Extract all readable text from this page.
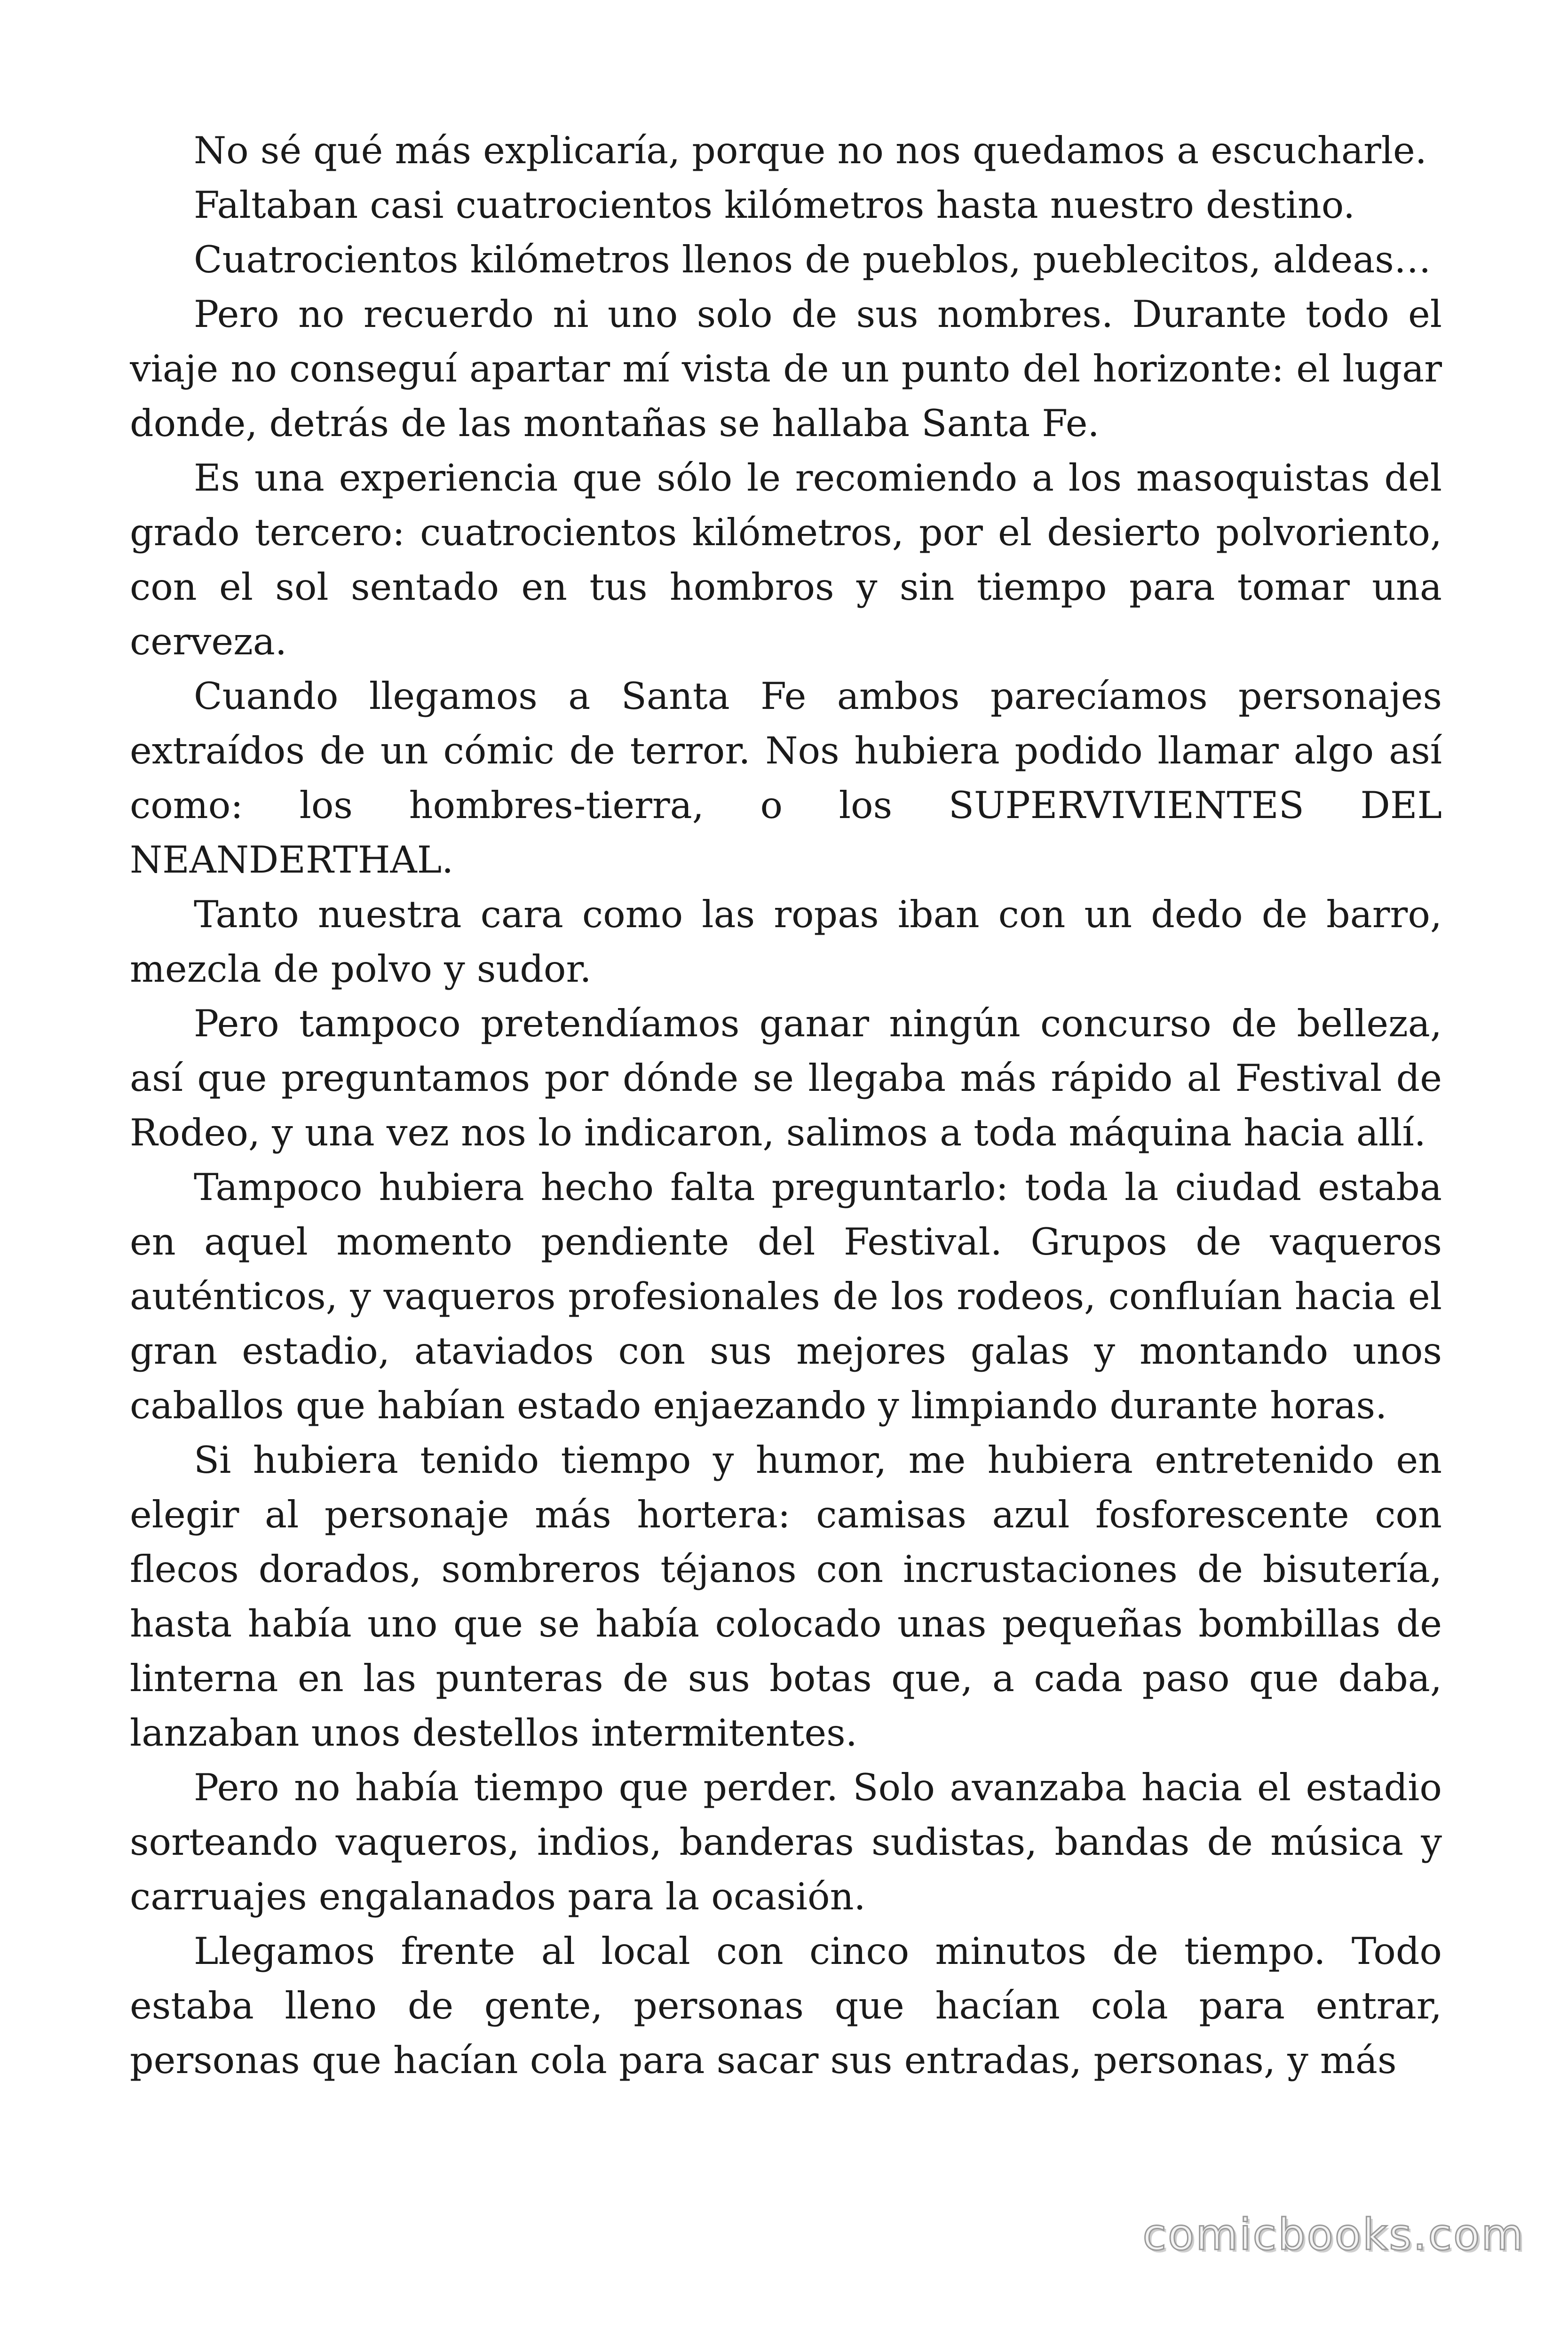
No sé qué más explicaría, porque no nos quedamos a escucharle.

Faltaban casi cuatrocientos kilómetros hasta nuestro destino.

Cuatrocientos kilómetros llenos de pueblos, pueblecitos, aldeas…

Pero no recuerdo ni uno solo de sus nombres. Durante todo el viaje no conseguí apartar mí vista de un punto del horizonte: el lugar donde, detrás de las montañas se hallaba Santa Fe.

Es una experiencia que sólo le recomiendo a los masoquistas del grado tercero: cuatrocientos kilómetros, por el desierto polvoriento, con el sol sentado en tus hombros y sin tiempo para tomar una cerveza.

Cuando llegamos a Santa Fe ambos parecíamos personajes extraídos de un cómic de terror. Nos hubiera podido llamar algo así como: los hombres-tierra, o los SUPERVIVIENTES DEL NEANDERTHAL.

Tanto nuestra cara como las ropas iban con un dedo de barro, mezcla de polvo y sudor.

Pero tampoco pretendíamos ganar ningún concurso de belleza, así que preguntamos por dónde se llegaba más rápido al Festival de Rodeo, y una vez nos lo indicaron, salimos a toda máquina hacia allí.

Tampoco hubiera hecho falta preguntarlo: toda la ciudad estaba en aquel momento pendiente del Festival. Grupos de vaqueros auténticos, y vaqueros profesionales de los rodeos, confluían hacia el gran estadio, ataviados con sus mejores galas y montando unos caballos que habían estado enjaezando y limpiando durante horas.

Si hubiera tenido tiempo y humor, me hubiera entretenido en elegir al personaje más hortera: camisas azul fosforescente con flecos dorados, sombreros téjanos con incrustaciones de bisutería, hasta había uno que se había colocado unas pequeñas bombillas de linterna en las punteras de sus botas que, a cada paso que daba, lanzaban unos destellos intermitentes.

Pero no había tiempo que perder. Solo avanzaba hacia el estadio sorteando vaqueros, indios, banderas sudistas, bandas de música y carruajes engalanados para la ocasión.

Llegamos frente al local con cinco minutos de tiempo. Todo estaba lleno de gente, personas que hacían cola para entrar, personas que hacían cola para sacar sus entradas, personas, y más

comicbooks.com
